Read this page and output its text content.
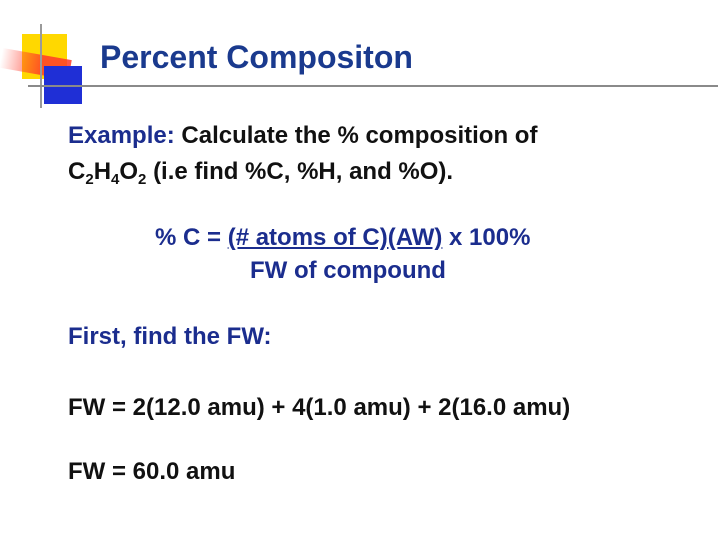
Percent Compositon
Example: Calculate the % composition of
$C_2H_4O_2$ (i.e find %C, %H, and %O).
% C = (# atoms of C)(AW) x 100%
FW of compound
First, find the FW:
FW = 2(12.0 amu) + 4(1.0 amu) + 2(16.0 amu)
FW = 60.0 amu
